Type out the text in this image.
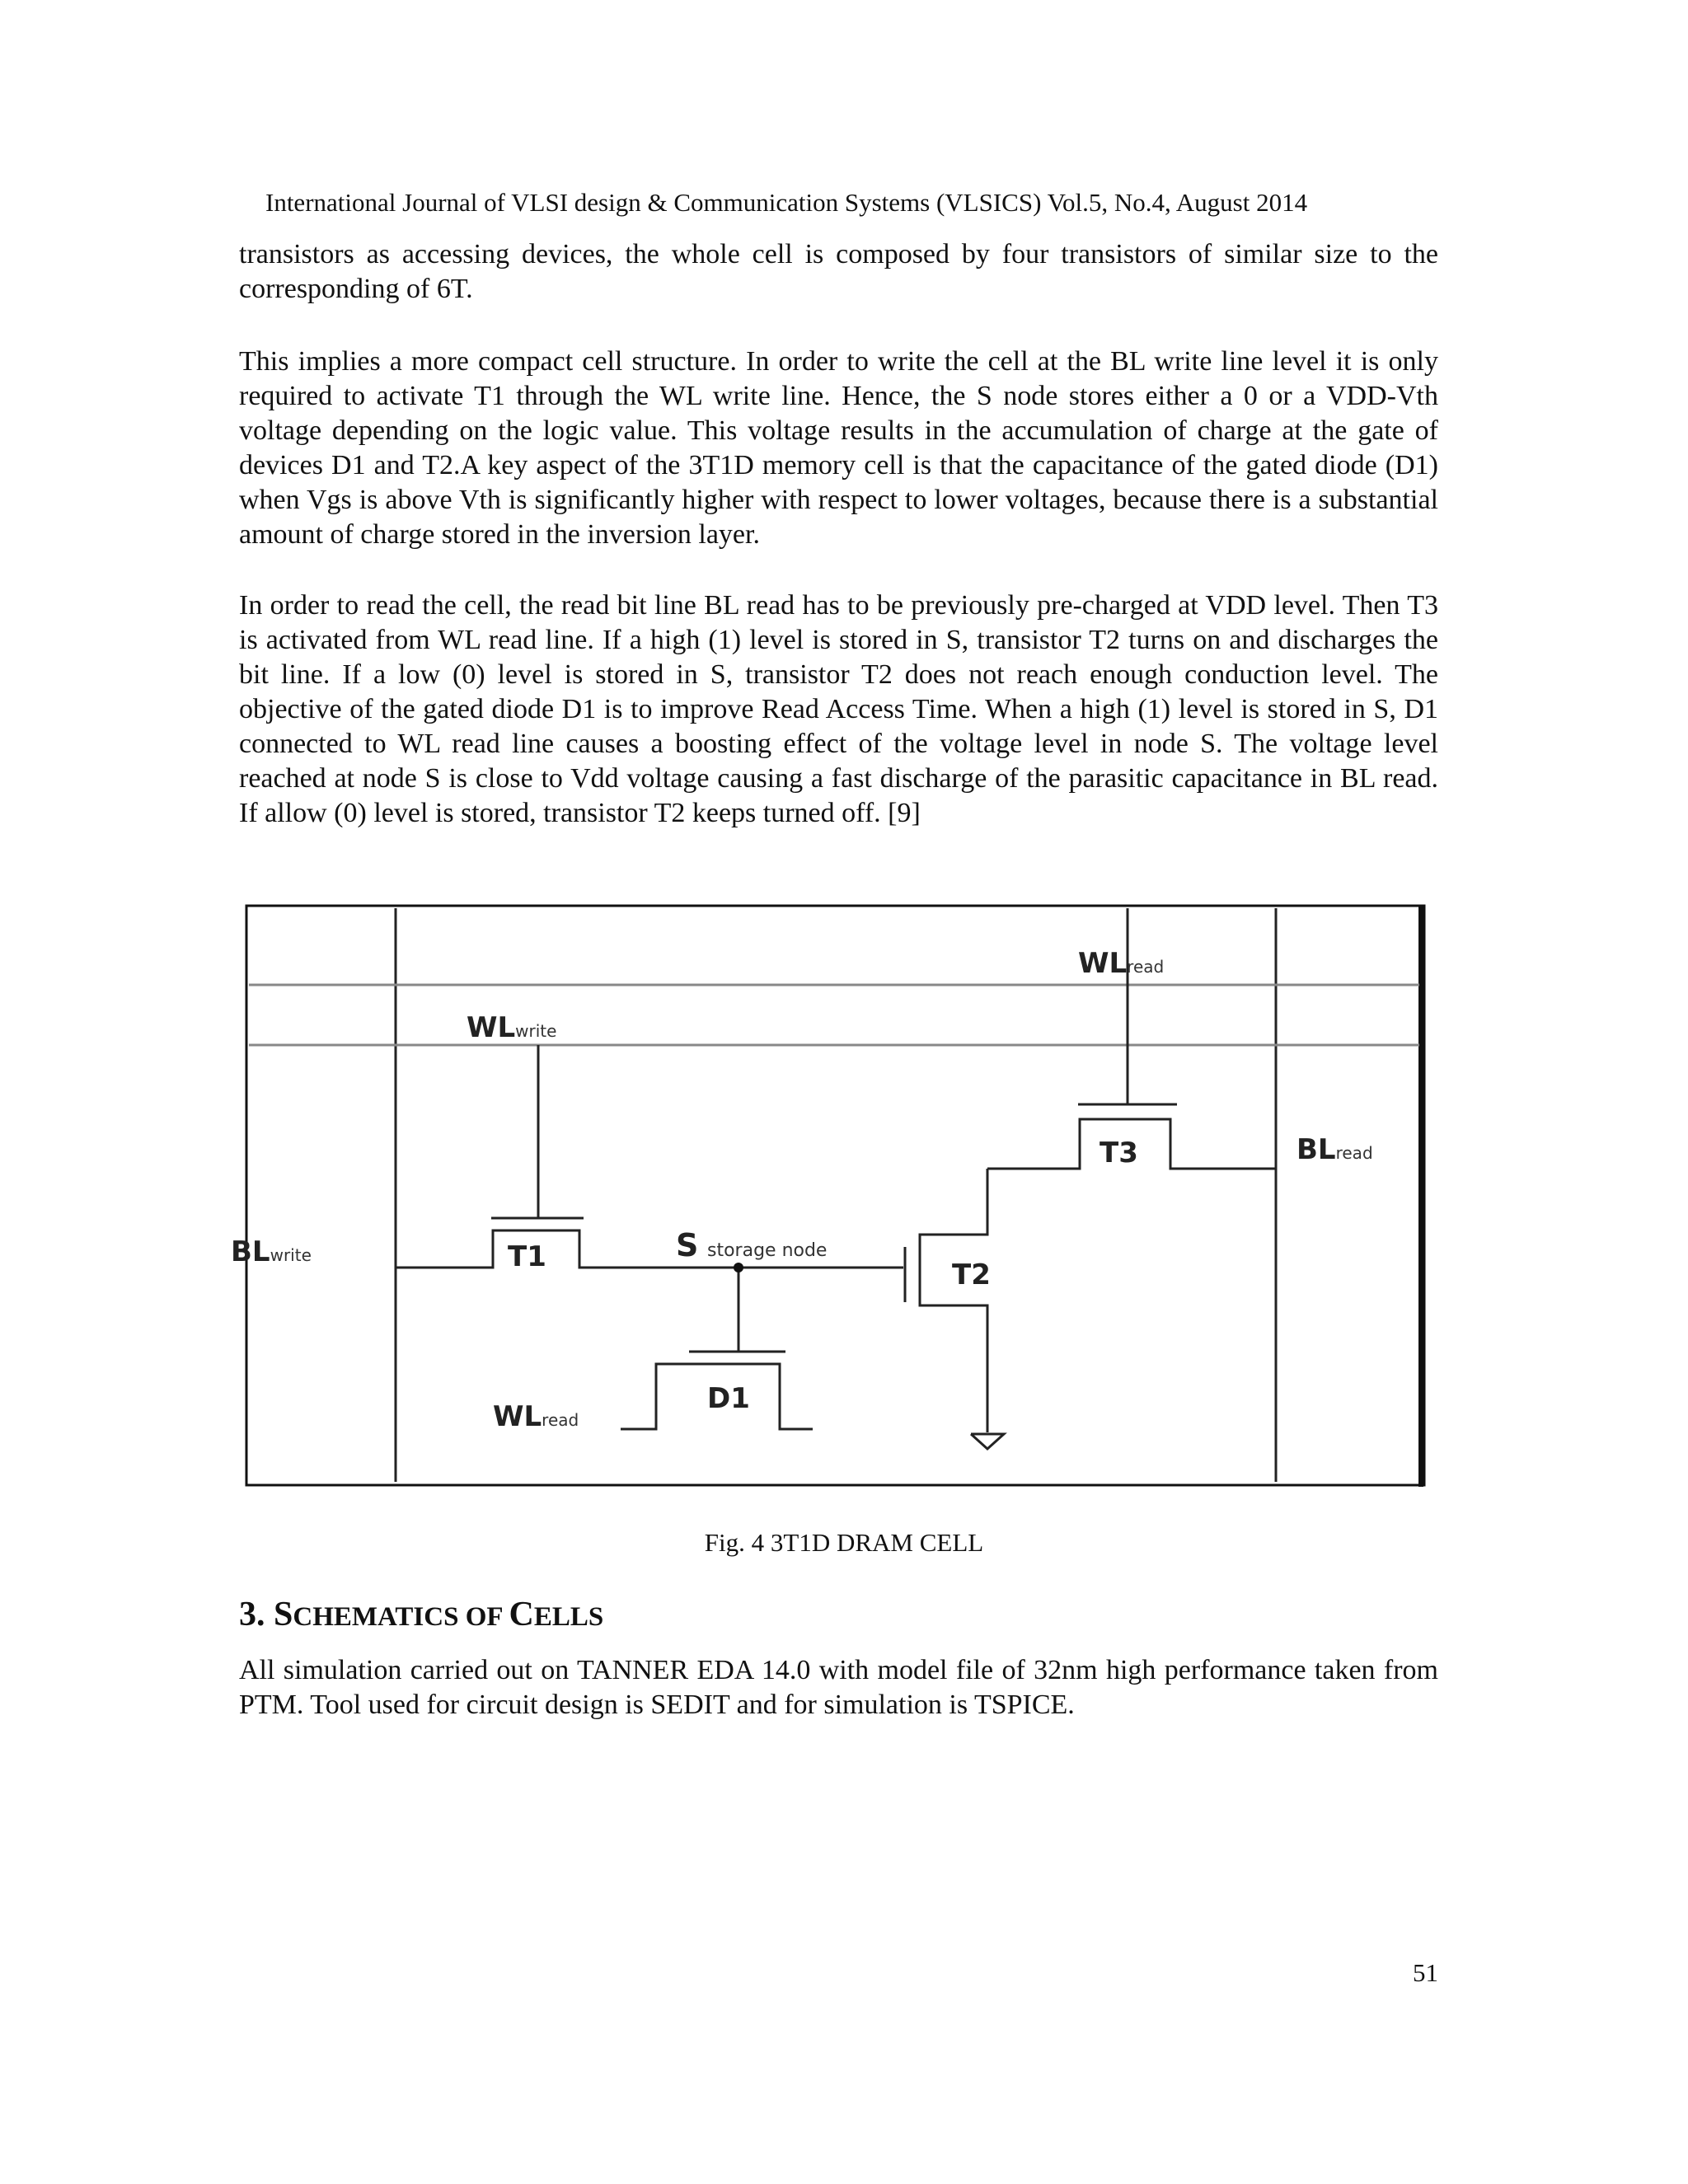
International Journal of VLSI design & Communication Systems (VLSICS) Vol.5, No.4, August 2014

transistors as accessing devices, the whole cell is composed by four transistors of similar size to the corresponding of 6T.

This implies a more compact cell structure. In order to write the cell at the BL write line level it is only required to activate T1 through the WL write line. Hence, the S node stores either a 0 or a VDD-Vth voltage depending on the logic value. This voltage results in the accumulation of charge at the gate of devices D1 and T2.A key aspect of the 3T1D memory cell is that the capacitance of the gated diode (D1) when Vgs is above Vth is significantly higher with respect to lower voltages, because there is a substantial amount of charge stored in the inversion layer.

In order to read the cell, the read bit line BL read has to be previously pre-charged at VDD level. Then T3 is activated from WL read line. If a high (1) level is stored in S, transistor T2 turns on and discharges the bit line. If a low (0) level is stored in S, transistor T2 does not reach enough conduction level. The objective of the gated diode D1 is to improve Read Access Time. When a high (1) level is stored in S, D1 connected to WL read line causes a boosting effect of the voltage level in node S. The voltage level reached at node S is close to Vdd voltage causing a fast discharge of the parasitic capacitance in BL read. If allow (0) level is stored, transistor T2 keeps turned off. [9]

WLread
WLwrite
BLread
BLwrite
WLread
T1
T2
T3
D1
S storage node
Fig. 4 3T1D DRAM CELL
3. SCHEMATICS OF CELLS

All simulation carried out on TANNER EDA 14.0 with model file of 32nm high performance taken from PTM. Tool used for circuit design is SEDIT and for simulation is TSPICE.

51
